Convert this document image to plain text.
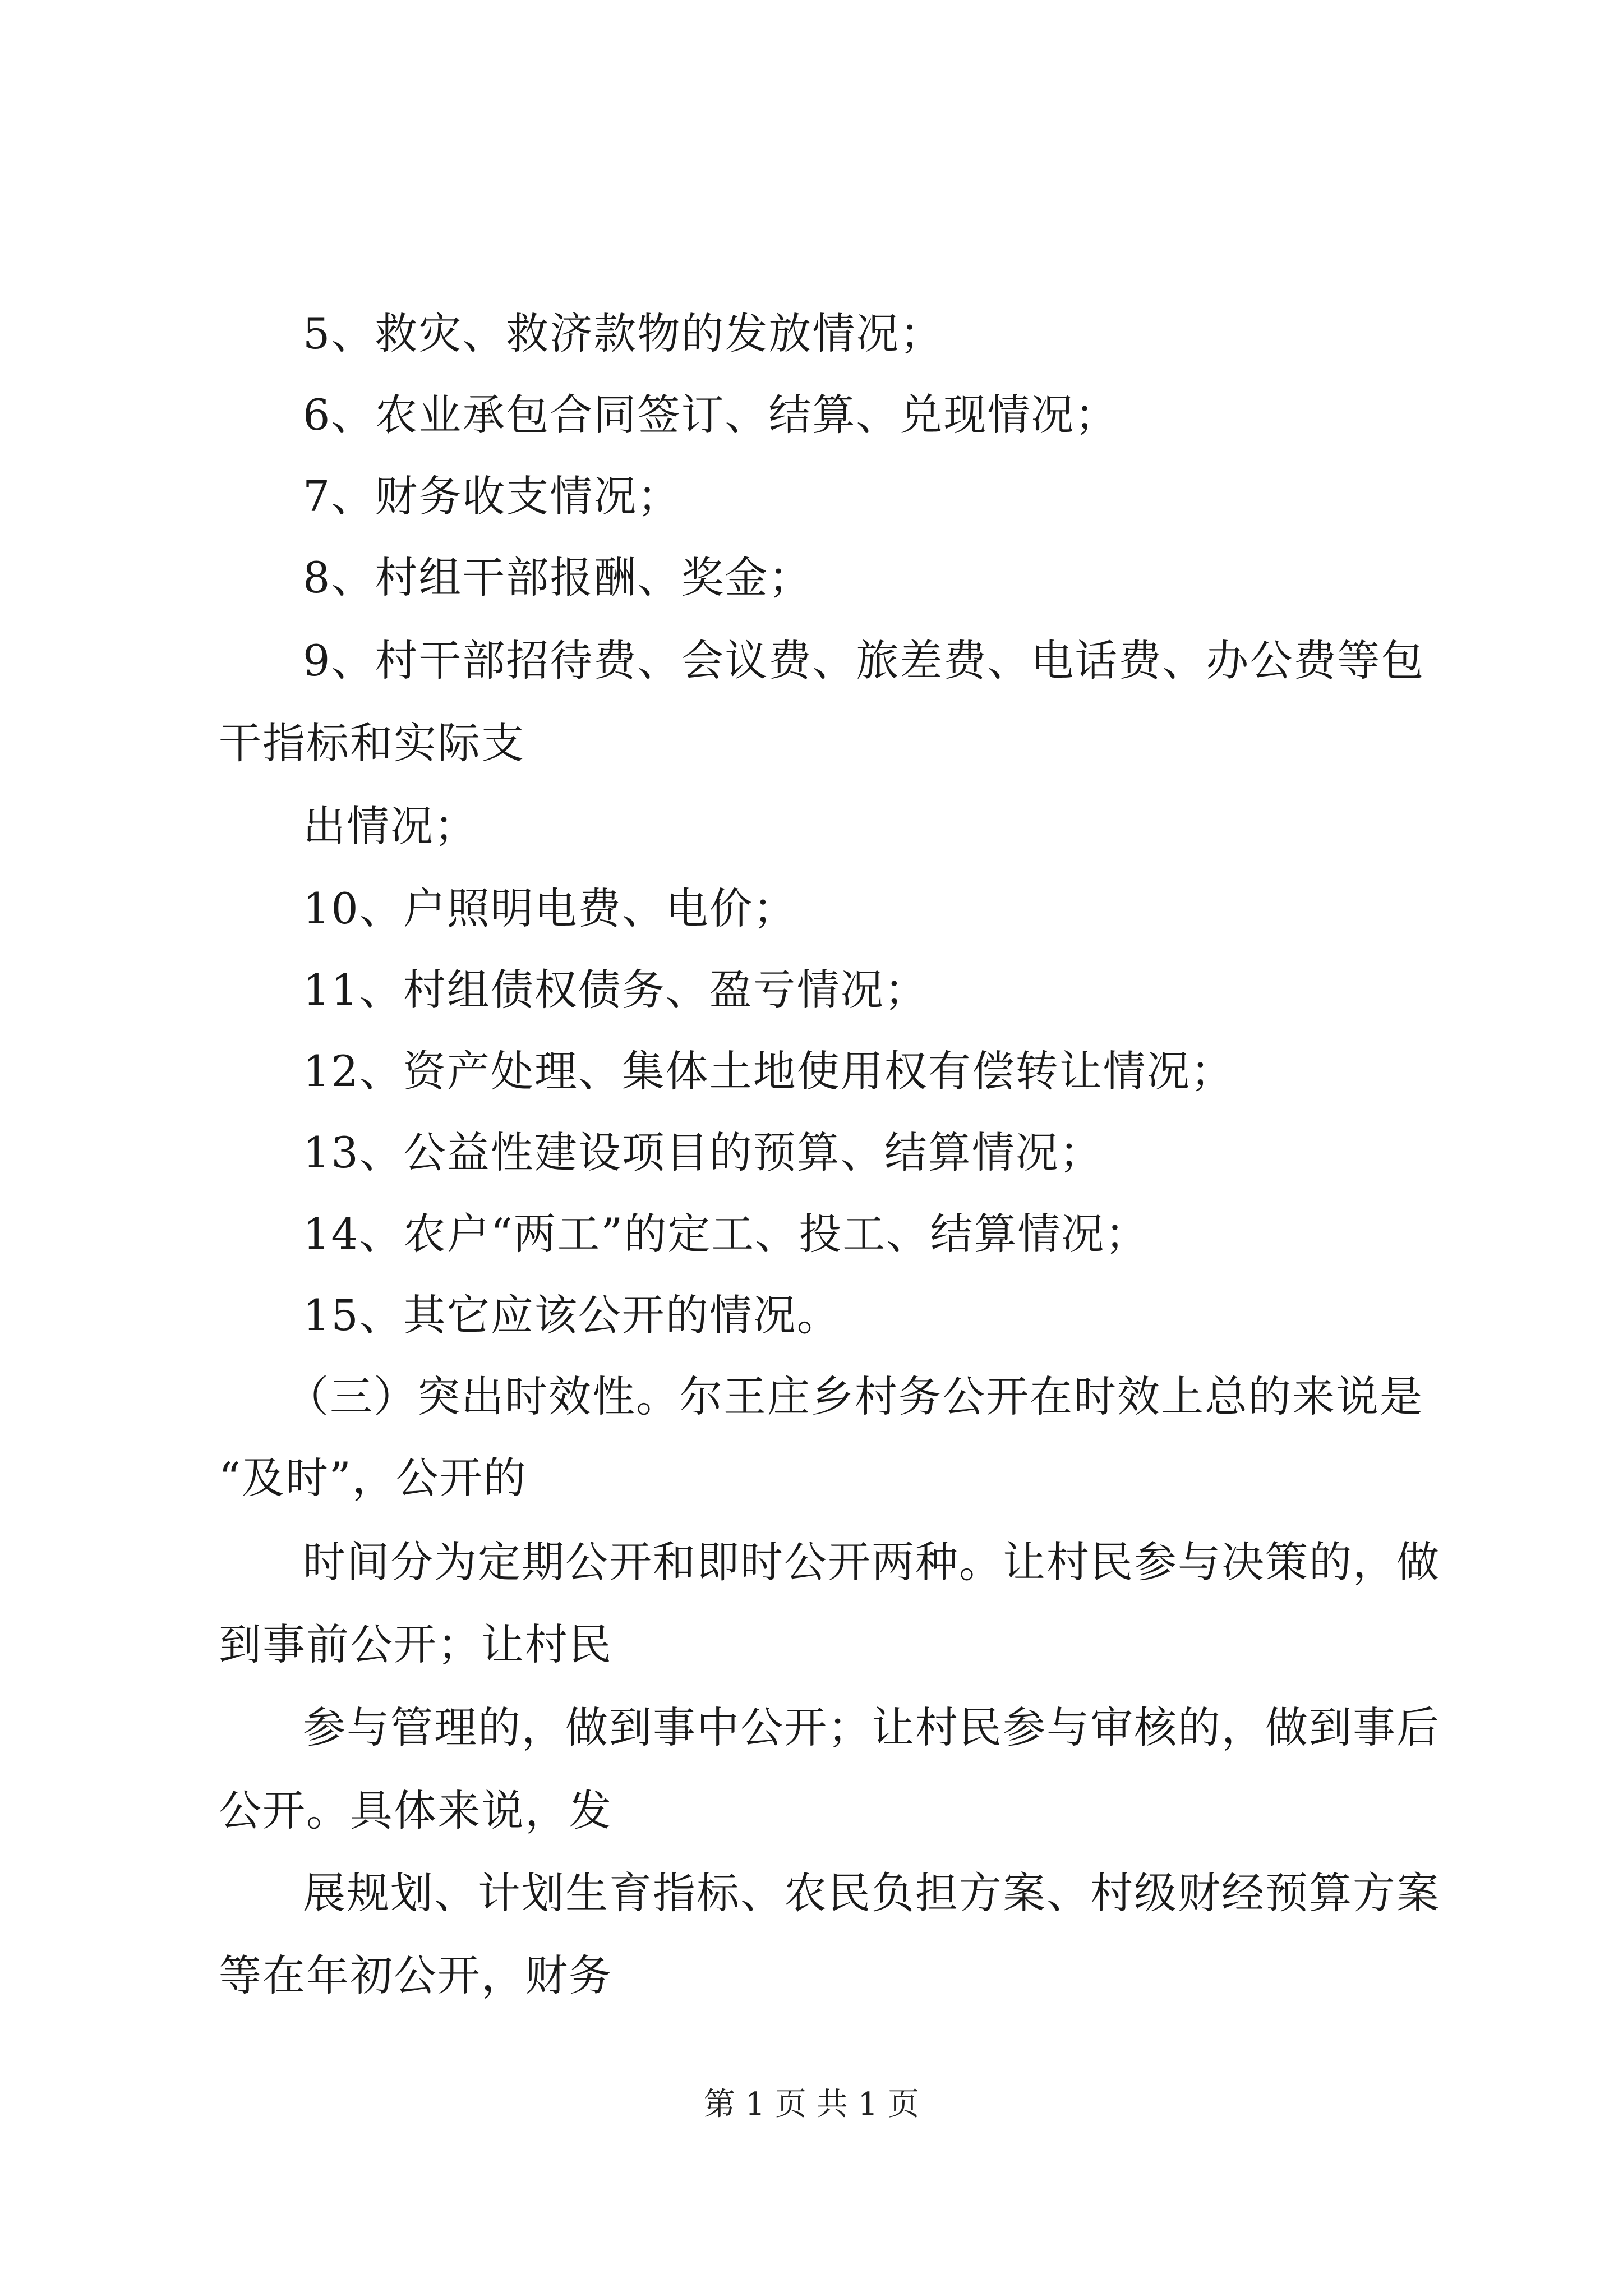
5、救灾、救济款物的发放情况；
6、农业承包合同签订、结算、兑现情况；
7、财务收支情况；
8、村组干部报酬、奖金；
9、村干部招待费、会议费、旅差费、电话费、办公费等包
干指标和实际支
出情况；
10、户照明电费、电价；
11、村组债权债务、盈亏情况；
12、资产处理、集体土地使用权有偿转让情况；
13、公益性建设项目的预算、结算情况；
14、农户“两工”的定工、投工、结算情况；
15、其它应该公开的情况。
（三）突出时效性。尔王庄乡村务公开在时效上总的来说是
“及时”，公开的
时间分为定期公开和即时公开两种。让村民参与决策的，做
到事前公开；让村民
参与管理的，做到事中公开；让村民参与审核的，做到事后
公开。具体来说，发
展规划、计划生育指标、农民负担方案、村级财经预算方案
等在年初公开，财务
第 1 页 共 1 页
